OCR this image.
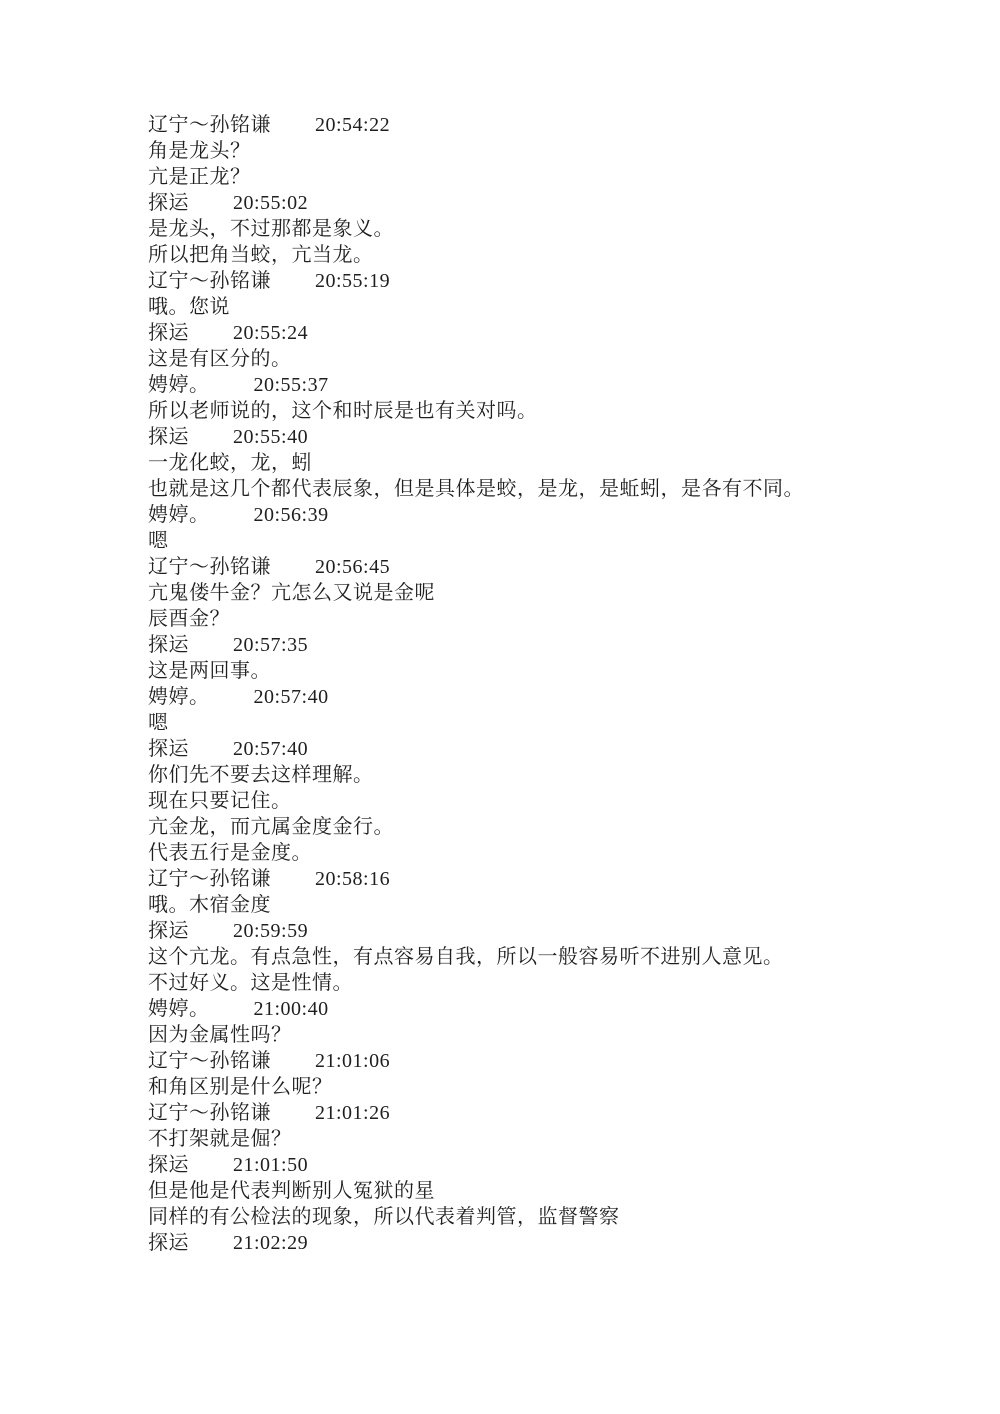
辽宁～孙铭谦 20:54:22
角是龙头？
亢是正龙？
探运 20:55:02
是龙头，不过那都是象义。
所以把角当蛟，亢当龙。
辽宁～孙铭谦 20:55:19
哦。您说
探运 20:55:24
这是有区分的。
娉婷。 20:55:37
所以老师说的，这个和时辰是也有关对吗。
探运 20:55:40
一龙化蛟，龙，蚓
也就是这几个都代表辰象，但是具体是蛟，是龙，是蚯蚓，是各有不同。
娉婷。 20:56:39
嗯
辽宁～孙铭谦 20:56:45
亢鬼偻牛金？亢怎么又说是金呢
辰酉金？
探运 20:57:35
这是两回事。
娉婷。 20:57:40
嗯
探运 20:57:40
你们先不要去这样理解。
现在只要记住。
亢金龙，而亢属金度金行。
代表五行是金度。
辽宁～孙铭谦 20:58:16
哦。木宿金度
探运 20:59:59
这个亢龙。有点急性，有点容易自我，所以一般容易听不进别人意见。
不过好义。这是性情。
娉婷。 21:00:40
因为金属性吗？
辽宁～孙铭谦 21:01:06
和角区别是什么呢？
辽宁～孙铭谦 21:01:26
不打架就是倔？
探运 21:01:50
但是他是代表判断别人冤狱的星
同样的有公检法的现象，所以代表着判管，监督警察
探运 21:02:29
